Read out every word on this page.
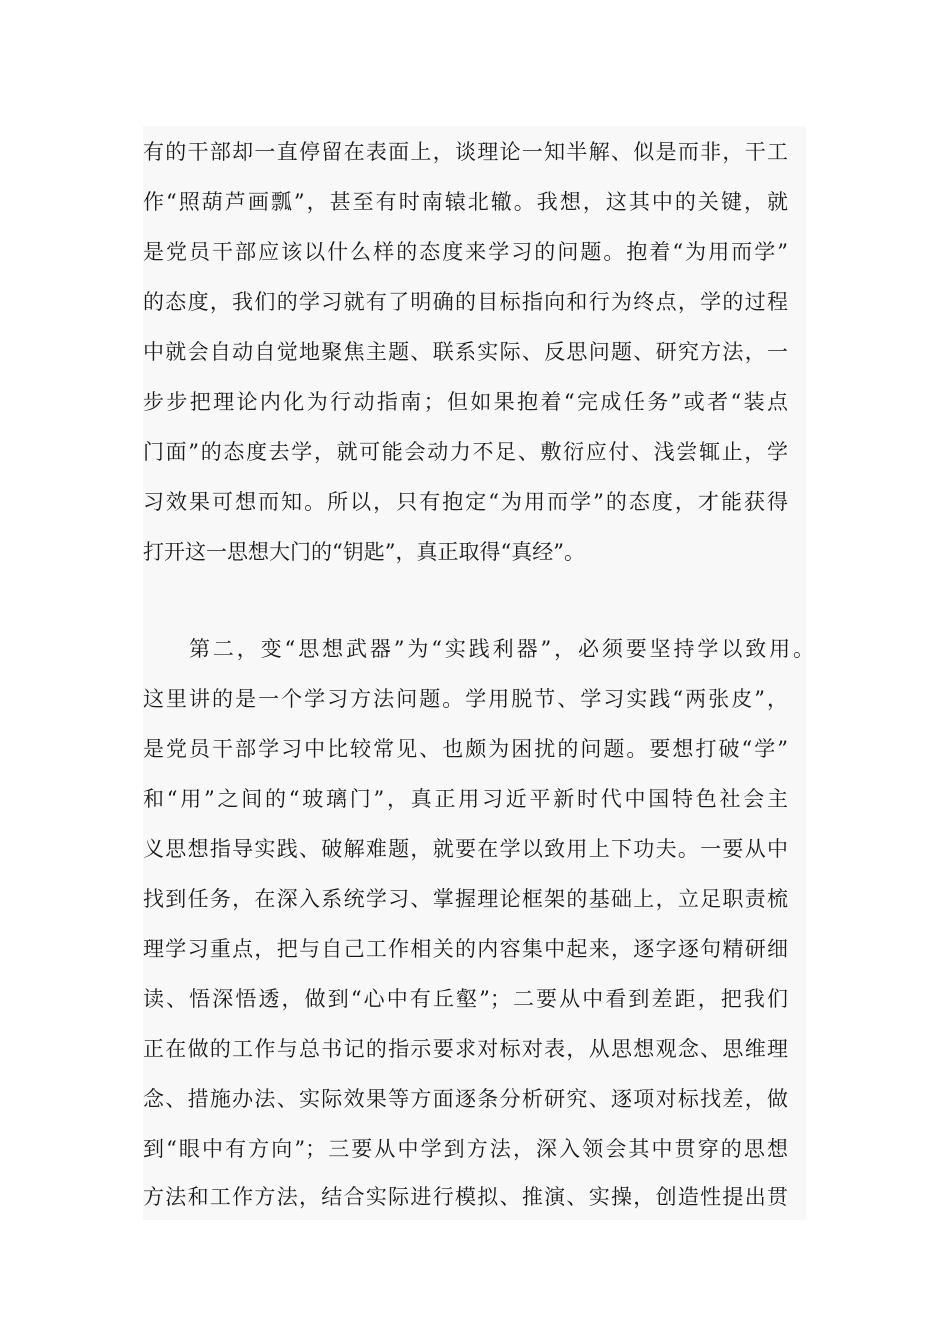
有的干部却一直停留在表面上，谈理论一知半解、似是而非，干工
作“照葫芦画瓢”，甚至有时南辕北辙。我想，这其中的关键，就
是党员干部应该以什么样的态度来学习的问题。抱着“为用而学”
的态度，我们的学习就有了明确的目标指向和行为终点，学的过程
中就会自动自觉地聚焦主题、联系实际、反思问题、研究方法，一
步步把理论内化为行动指南；但如果抱着“完成任务”或者“装点
门面”的态度去学，就可能会动力不足、敷衍应付、浅尝辄止，学
习效果可想而知。所以，只有抱定“为用而学”的态度，才能获得
打开这一思想大门的“钥匙”，真正取得“真经”。
第二，变“思想武器”为“实践利器”，必须要坚持学以致用。
这里讲的是一个学习方法问题。学用脱节、学习实践“两张皮”，
是党员干部学习中比较常见、也颇为困扰的问题。要想打破“学”
和“用”之间的“玻璃门”，真正用习近平新时代中国特色社会主
义思想指导实践、破解难题，就要在学以致用上下功夫。一要从中
找到任务，在深入系统学习、掌握理论框架的基础上，立足职责梳
理学习重点，把与自己工作相关的内容集中起来，逐字逐句精研细
读、悟深悟透，做到“心中有丘壑”；二要从中看到差距，把我们
正在做的工作与总书记的指示要求对标对表，从思想观念、思维理
念、措施办法、实际效果等方面逐条分析研究、逐项对标找差，做
到“眼中有方向”；三要从中学到方法，深入领会其中贯穿的思想
方法和工作方法，结合实际进行模拟、推演、实操，创造性提出贯
